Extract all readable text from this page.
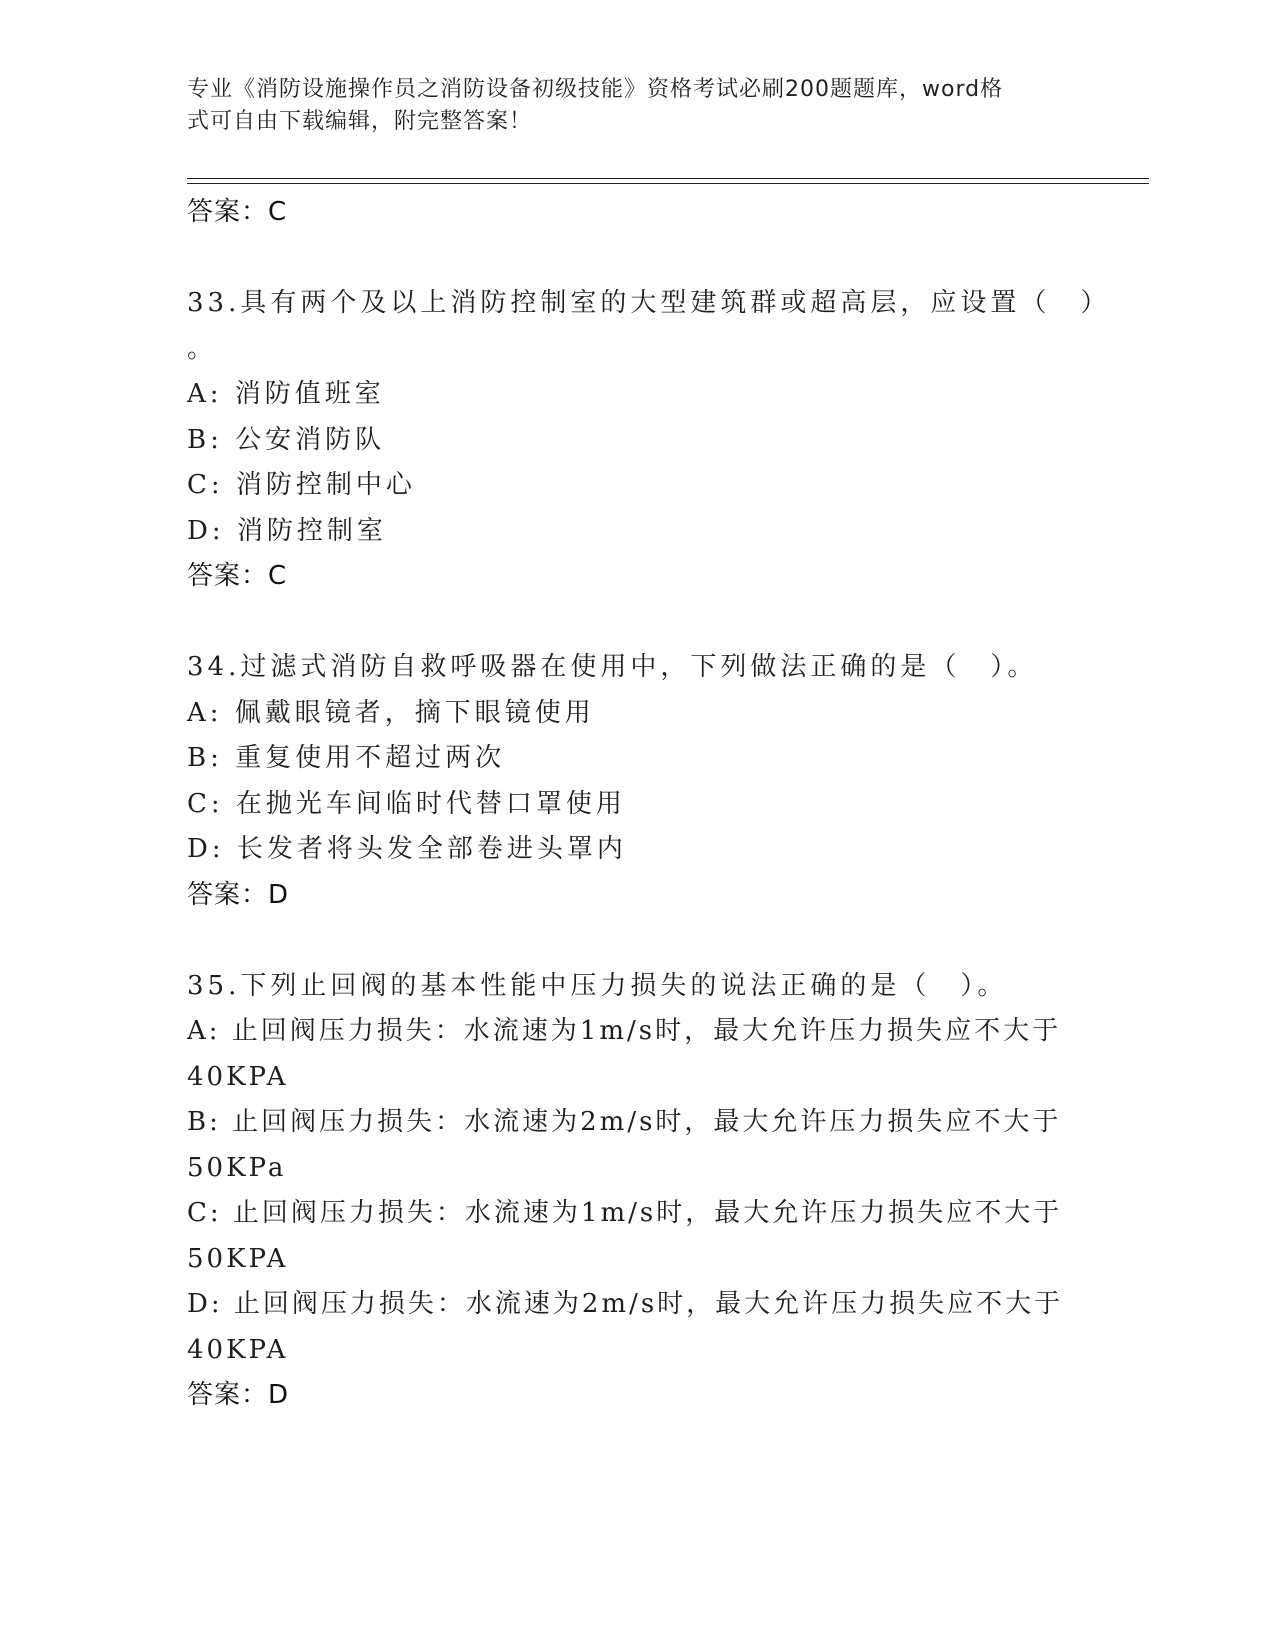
专业《消防设施操作员之消防设备初级技能》资格考试必刷200题题库，word格
式可自由下载编辑，附完整答案！
答案：C
33.具有两个及以上消防控制室的大型建筑群或超高层，应设置（　）
。
A: 消防值班室
B: 公安消防队
C: 消防控制中心
D: 消防控制室
答案：C
34.过滤式消防自救呼吸器在使用中，下列做法正确的是（　）。
A: 佩戴眼镜者，摘下眼镜使用
B: 重复使用不超过两次
C: 在抛光车间临时代替口罩使用
D: 长发者将头发全部卷进头罩内
答案：D
35.下列止回阀的基本性能中压力损失的说法正确的是（　）。
A: 止回阀压力损失：水流速为1m/s时，最大允许压力损失应不大于
40KPA
B: 止回阀压力损失：水流速为2m/s时，最大允许压力损失应不大于
50KPa
C: 止回阀压力损失：水流速为1m/s时，最大允许压力损失应不大于
50KPA
D: 止回阀压力损失：水流速为2m/s时，最大允许压力损失应不大于
40KPA
答案：D
